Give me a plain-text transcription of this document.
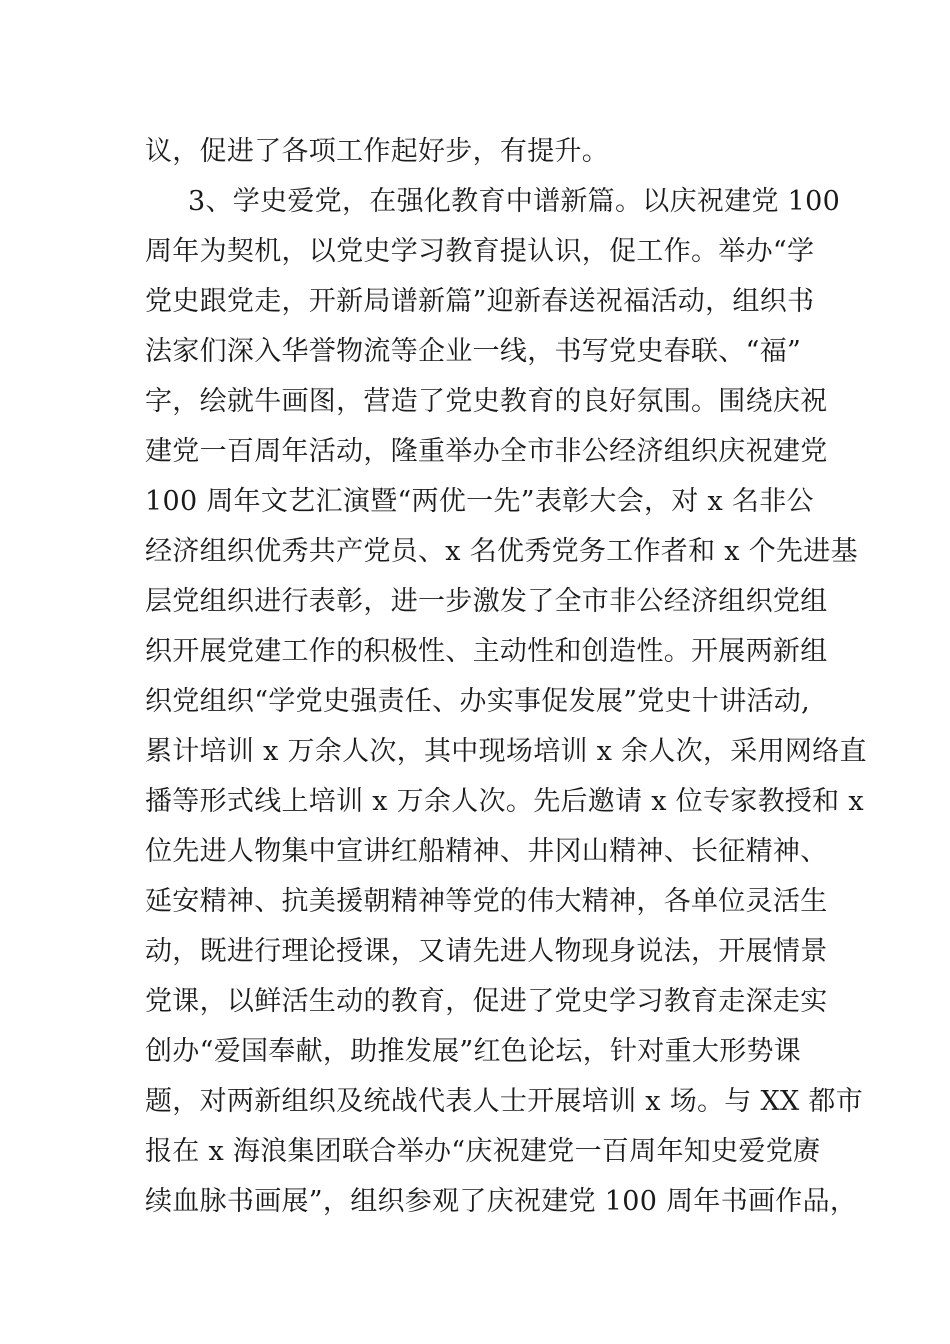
议，促进了各项工作起好步，有提升。
3、学史爱党，在强化教育中谱新篇。以庆祝建党 100
周年为契机，以党史学习教育提认识，促工作。举办“学
党史跟党走，开新局谱新篇”迎新春送祝福活动，组织书
法家们深入华誉物流等企业一线，书写党史春联、“福”
字，绘就牛画图，营造了党史教育的良好氛围。围绕庆祝
建党一百周年活动，隆重举办全市非公经济组织庆祝建党
100 周年文艺汇演暨“两优一先”表彰大会，对 x 名非公
经济组织优秀共产党员、x 名优秀党务工作者和 x 个先进基
层党组织进行表彰，进一步激发了全市非公经济组织党组
织开展党建工作的积极性、主动性和创造性。开展两新组
织党组织“学党史强责任、办实事促发展”党史十讲活动,
累计培训 x 万余人次，其中现场培训 x 余人次，采用网络直
播等形式线上培训 x 万余人次。先后邀请 x 位专家教授和 x
位先进人物集中宣讲红船精神、井冈山精神、长征精神、
延安精神、抗美援朝精神等党的伟大精神，各单位灵活生
动，既进行理论授课，又请先进人物现身说法，开展情景
党课，以鲜活生动的教育，促进了党史学习教育走深走实
创办“爱国奉献，助推发展”红色论坛，针对重大形势课
题，对两新组织及统战代表人士开展培训 x 场。与 XX 都市
报在 x 海浪集团联合举办“庆祝建党一百周年知史爱党赓
续血脉书画展”，组织参观了庆祝建党 100 周年书画作品，
